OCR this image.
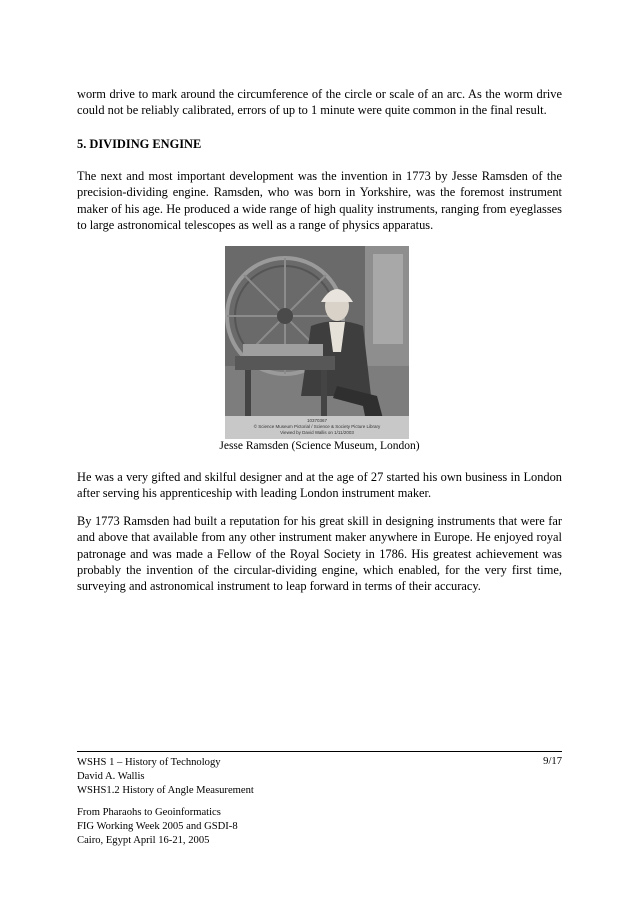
worm drive to mark around the circumference of the circle or scale of an arc. As the worm drive could not be reliably calibrated, errors of up to 1 minute were quite common in the final result.

5. DIVIDING ENGINE

The next and most important development was the invention in 1773 by Jesse Ramsden of the precision-dividing engine. Ramsden, who was born in Yorkshire, was the foremost instrument maker of his age. He produced a wide range of high quality instruments, ranging from eyeglasses to large astronomical telescopes as well as a range of physics apparatus.

10370367
© Science Museum Pictorial / Science & Society Picture Library
Viewed by David Wallis on 1/11/2003

Jesse Ramsden (Science Museum, London)

He was a very gifted and skilful designer and at the age of 27 started his own business in London after serving his apprenticeship with leading London instrument maker.

By 1773 Ramsden had built a reputation for his great skill in designing instruments that were far and above that available from any other instrument maker anywhere in Europe. He enjoyed royal patronage and was made a Fellow of the Royal Society in 1786. His greatest achievement was probably the invention of the circular-dividing engine, which enabled, for the very first time, surveying and astronomical instrument to leap forward in terms of their accuracy.

WSHS 1 – History of Technology	9/17

David A. Wallis

WSHS1.2 History of Angle Measurement

From Pharaohs to Geoinformatics

FIG Working Week 2005 and GSDI-8

Cairo, Egypt April 16-21, 2005
